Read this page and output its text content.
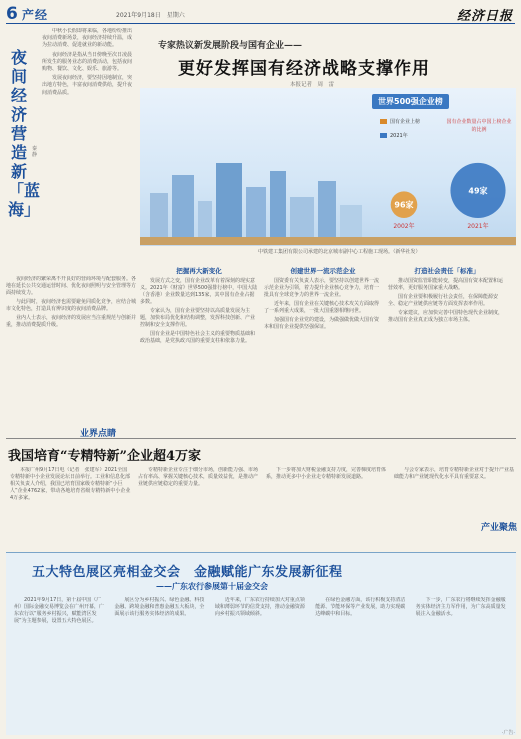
6 产经	2021年9月18日　星期六	经济日报
夜间经济营造新「蓝海」
秦　静

中秋小长假即将来临，各地纷纷推出夜间消费新场景，夜间经济持续升温，成为拉动消费、促进就业的新动能。

夜间经济是指从当日傍晚至次日凌晨所发生的服务业态的消费活动，包括夜间购物、餐饮、文化、娱乐、旅游等。

发展夜间经济，要坚持因地制宜，突出地方特色，丰富夜间消费供给，提升夜间消费品质。

专家热议新发展阶段与国有企业——
更好发挥国有经济战略支撑作用
本报记者　周　雷
世界500强企业榜
国有企业上榜
2021年
国有企业数量占中国上榜企业的比例
96家
2002年
49家
2021年
中铁建工集团有限公司承建的北京城市副中心工程施工现场。（新华社发）

夜间经济的繁荣离不开良好的营商环境与配套服务。各地在延长公共交通运营时间、优化夜间照明与安全管理等方面持续发力。

与此同时，夜间经济也需要避免同质化竞争，应结合城市文化特色，打造具有辨识度的夜间消费品牌。

业内人士表示，夜间经济的发展应当注重规范与创新并重，推动消费提质升级。

业界点睛
把握再大新变化

发展方式之变，国有企业改革有着深刻的现实意义。2021年《财富》世界500强排行榜中，中国大陆（含香港）企业数量达到135家，其中国有企业占据多数。

专家认为，国有企业要坚持以高质量发展为主题，加快布局优化和结构调整，发挥科技创新、产业控制和安全支撑作用。

国有企业是中国特色社会主义的重要物质基础和政治基础，是党执政兴国的重要支柱和依靠力量。

创建世界一流示范企业

国资委有关负责人表示，要坚持以创建世界一流示范企业为引领，着力提升企业核心竞争力，培育一批具有全球竞争力的世界一流企业。

近年来，国有企业在关键核心技术攻关方面取得了一系列重大成果，一批大国重器相继问世。

加强国有企业党的建设，为做强做优做大国有资本和国有企业提供坚强保证。

打造社会责任「标准」

推动国资监管职能转变，提高国有资本配置和运营效率，更好服务国家重大战略。

国有企业要积极履行社会责任，在保障能源安全、稳定产业链供应链等方面发挥表率作用。

专家建议，应加快完善中国特色现代企业制度，推动国有企业真正成为独立市场主体。

我国培育“专精特新”企业超4万家

本报广州9月17日电（记者　张建军）2021全国专精特新中小企业发展论坛日前举行。工业和信息化部相关负责人介绍，我国已培育国家级专精特新“小巨人”企业4762家，带动各地培育省级专精特新中小企业4万多家。

专精特新企业专注于细分市场，创新能力强、市场占有率高、掌握关键核心技术，质量效益优，是推动产业链供应链稳定的重要力量。

下一步将加大财税金融支持力度，完善梯度培育体系，推动更多中小企业走专精特新发展道路。

与会专家表示，培育专精特新企业对于提升产业基础能力和产业链现代化水平具有重要意义。

产业聚焦
五大特色展区亮相金交会　金融赋能广东发展新征程
——广东农行参展第十届金交会

2021年9月17日，第十届中国（广州）国际金融交易博览会在广州开幕，广东农行以“服务乡村振兴，赋能湾区发展”为主题参展，设置五大特色展区。

展区分为乡村振兴、绿色金融、科技金融、跨境金融和普惠金融五大板块，全面展示该行服务实体经济的成果。

近年来，广东农行持续加大对重点领域和薄弱环节的信贷支持，推动金融资源向乡村振兴领域倾斜。

在绿色金融方面，该行积极支持清洁能源、节能环保等产业发展，助力实现碳达峰碳中和目标。

下一步，广东农行将继续发挥金融服务实体经济主力军作用，为广东高质量发展注入金融活水。

·广告·
